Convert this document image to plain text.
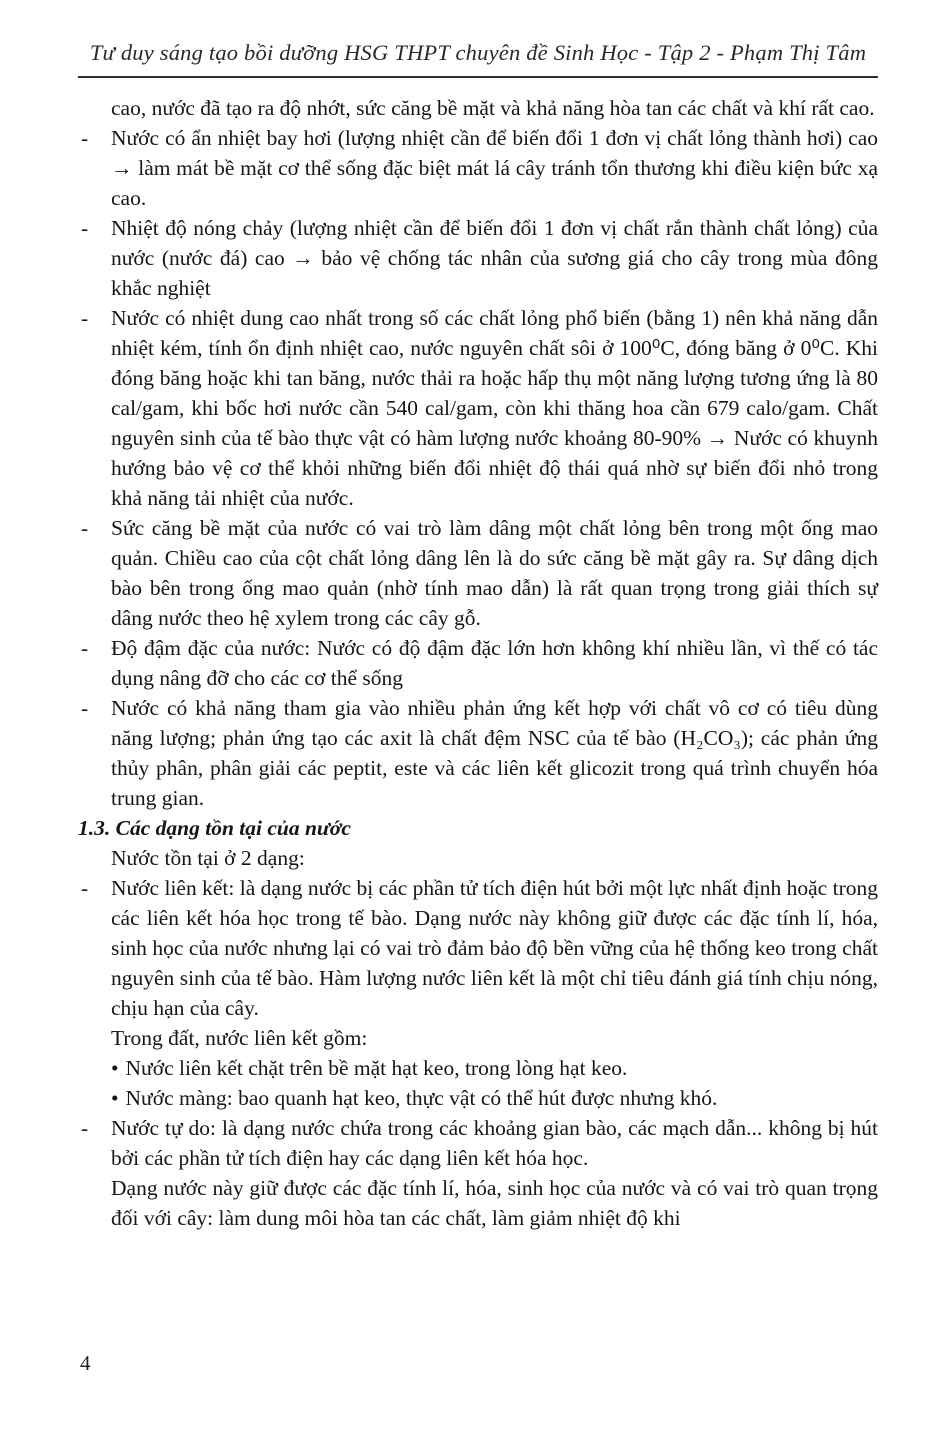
Tư duy sáng tạo bồi dưỡng HSG THPT chuyên đề Sinh Học - Tập 2 - Phạm Thị Tâm
cao, nước đã tạo ra độ nhớt, sức căng bề mặt và khả năng hòa tan các chất và khí rất cao.
- Nước có ẩn nhiệt bay hơi (lượng nhiệt cần để biến đổi 1 đơn vị chất lỏng thành hơi) cao → làm mát bề mặt cơ thể sống đặc biệt mát lá cây tránh tổn thương khi điều kiện bức xạ cao.
- Nhiệt độ nóng chảy (lượng nhiệt cần để biến đổi 1 đơn vị chất rắn thành chất lỏng) của nước (nước đá) cao → bảo vệ chống tác nhân của sương giá cho cây trong mùa đông khắc nghiệt
- Nước có nhiệt dung cao nhất trong số các chất lỏng phổ biến (bằng 1) nên khả năng dẫn nhiệt kém, tính ổn định nhiệt cao, nước nguyên chất sôi ở 100⁰C, đóng băng ở 0⁰C. Khi đóng băng hoặc khi tan băng, nước thải ra hoặc hấp thụ một năng lượng tương ứng là 80 cal/gam, khi bốc hơi nước cần 540 cal/gam, còn khi thăng hoa cần 679 calo/gam. Chất nguyên sinh của tế bào thực vật có hàm lượng nước khoảng 80-90% → Nước có khuynh hướng bảo vệ cơ thể khỏi những biến đổi nhiệt độ thái quá nhờ sự biến đổi nhỏ trong khả năng tải nhiệt của nước.
- Sức căng bề mặt của nước có vai trò làm dâng một chất lỏng bên trong một ống mao quản. Chiều cao của cột chất lỏng dâng lên là do sức căng bề mặt gây ra. Sự dâng dịch bào bên trong ống mao quản (nhờ tính mao dẫn) là rất quan trọng trong giải thích sự dâng nước theo hệ xylem trong các cây gỗ.
- Độ đậm đặc của nước: Nước có độ đậm đặc lớn hơn không khí nhiều lần, vì thế có tác dụng nâng đỡ cho các cơ thể sống
- Nước có khả năng tham gia vào nhiều phản ứng kết hợp với chất vô cơ có tiêu dùng năng lượng; phản ứng tạo các axit là chất đệm NSC của tế bào (H₂CO₃); các phản ứng thủy phân, phân giải các peptit, este và các liên kết glicozit trong quá trình chuyển hóa trung gian.
1.3. Các dạng tồn tại của nước
Nước tồn tại ở 2 dạng:
- Nước liên kết: là dạng nước bị các phần tử tích điện hút bởi một lực nhất định hoặc trong các liên kết hóa học trong tế bào. Dạng nước này không giữ được các đặc tính lí, hóa, sinh học của nước nhưng lại có vai trò đảm bảo độ bền vững của hệ thống keo trong chất nguyên sinh của tế bào. Hàm lượng nước liên kết là một chỉ tiêu đánh giá tính chịu nóng, chịu hạn của cây.
Trong đất, nước liên kết gồm:
• Nước liên kết chặt trên bề mặt hạt keo, trong lòng hạt keo.
• Nước màng: bao quanh hạt keo, thực vật có thể hút được nhưng khó.
- Nước tự do: là dạng nước chứa trong các khoảng gian bào, các mạch dẫn... không bị hút bởi các phần tử tích điện hay các dạng liên kết hóa học.
Dạng nước này giữ được các đặc tính lí, hóa, sinh học của nước và có vai trò quan trọng đối với cây: làm dung môi hòa tan các chất, làm giảm nhiệt độ khi
4
